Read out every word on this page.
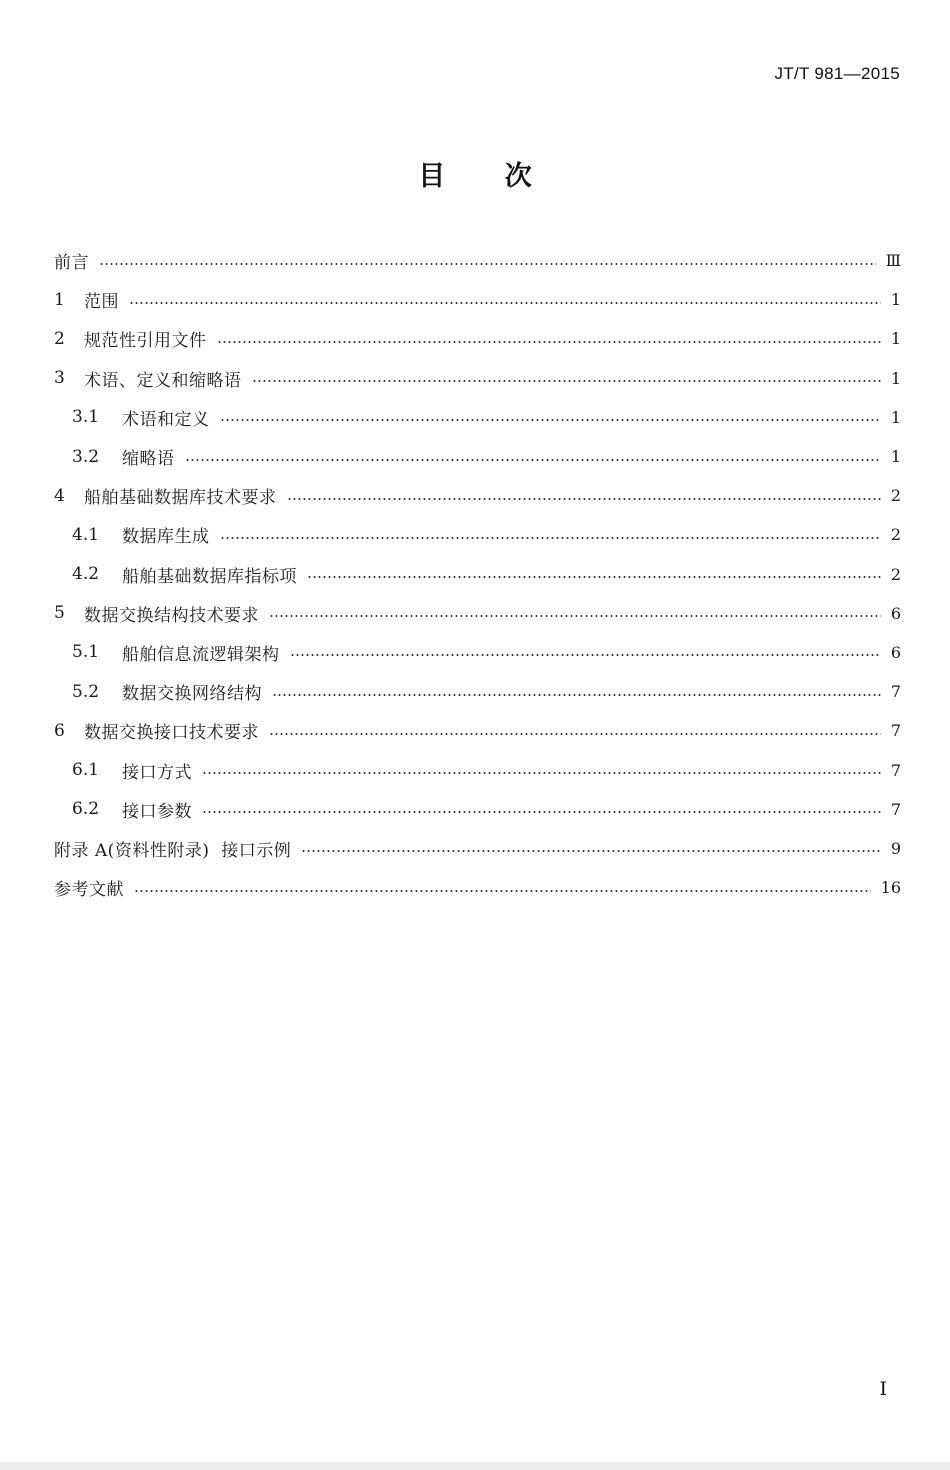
JT/T 981—2015
目 次
前言	Ⅲ
1	范围	1
2	规范性引用文件	1
3	术语、定义和缩略语	1
3.1	术语和定义	1
3.2	缩略语	1
4	船舶基础数据库技术要求	2
4.1	数据库生成	2
4.2	船舶基础数据库指标项	2
5	数据交换结构技术要求	6
5.1	船舶信息流逻辑架构	6
5.2	数据交换网络结构	7
6	数据交换接口技术要求	7
6.1	接口方式	7
6.2	接口参数	7
附录 A(资料性附录)  接口示例	9
参考文献	16
I
